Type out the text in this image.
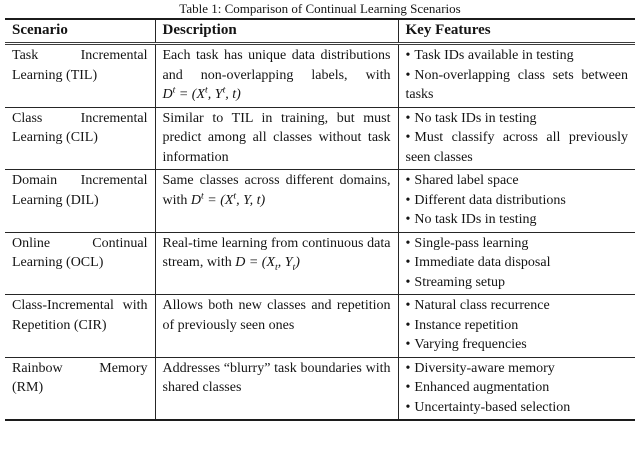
Table 1: Comparison of Continual Learning Scenarios
Scenario	Description	Key Features
Task Incremental Learning (TIL)	Each task has unique data distributions and non-overlapping labels, with $D^t = (X^t$, $Y^t$, t)	• Task IDs available in testing
• Non-overlapping class sets between tasks

Class Incremental Learning (CIL)	Similar to TIL in training, but must predict among all classes without task information	• No task IDs in testing
• Must classify across all previously seen classes

Domain Incremental Learning (DIL)	Same classes across different domains, with $D^t = (X^t$, Y, t)	• Shared label space
• Different data distributions
• No task IDs in testing

Online Continual Learning (OCL)	Real-time learning from continuous data stream, with $D = (X_t$, $Y_t$)	• Single-pass learning
• Immediate data disposal
• Streaming setup

Class-Incremental with Repetition (CIR)	Allows both new classes and repetition of previously seen ones	• Natural class recurrence
• Instance repetition
• Varying frequencies

Rainbow Memory (RM)	Addresses “blurry” task boundaries with shared classes	• Diversity-aware memory
• Enhanced augmentation
• Uncertainty-based selection
